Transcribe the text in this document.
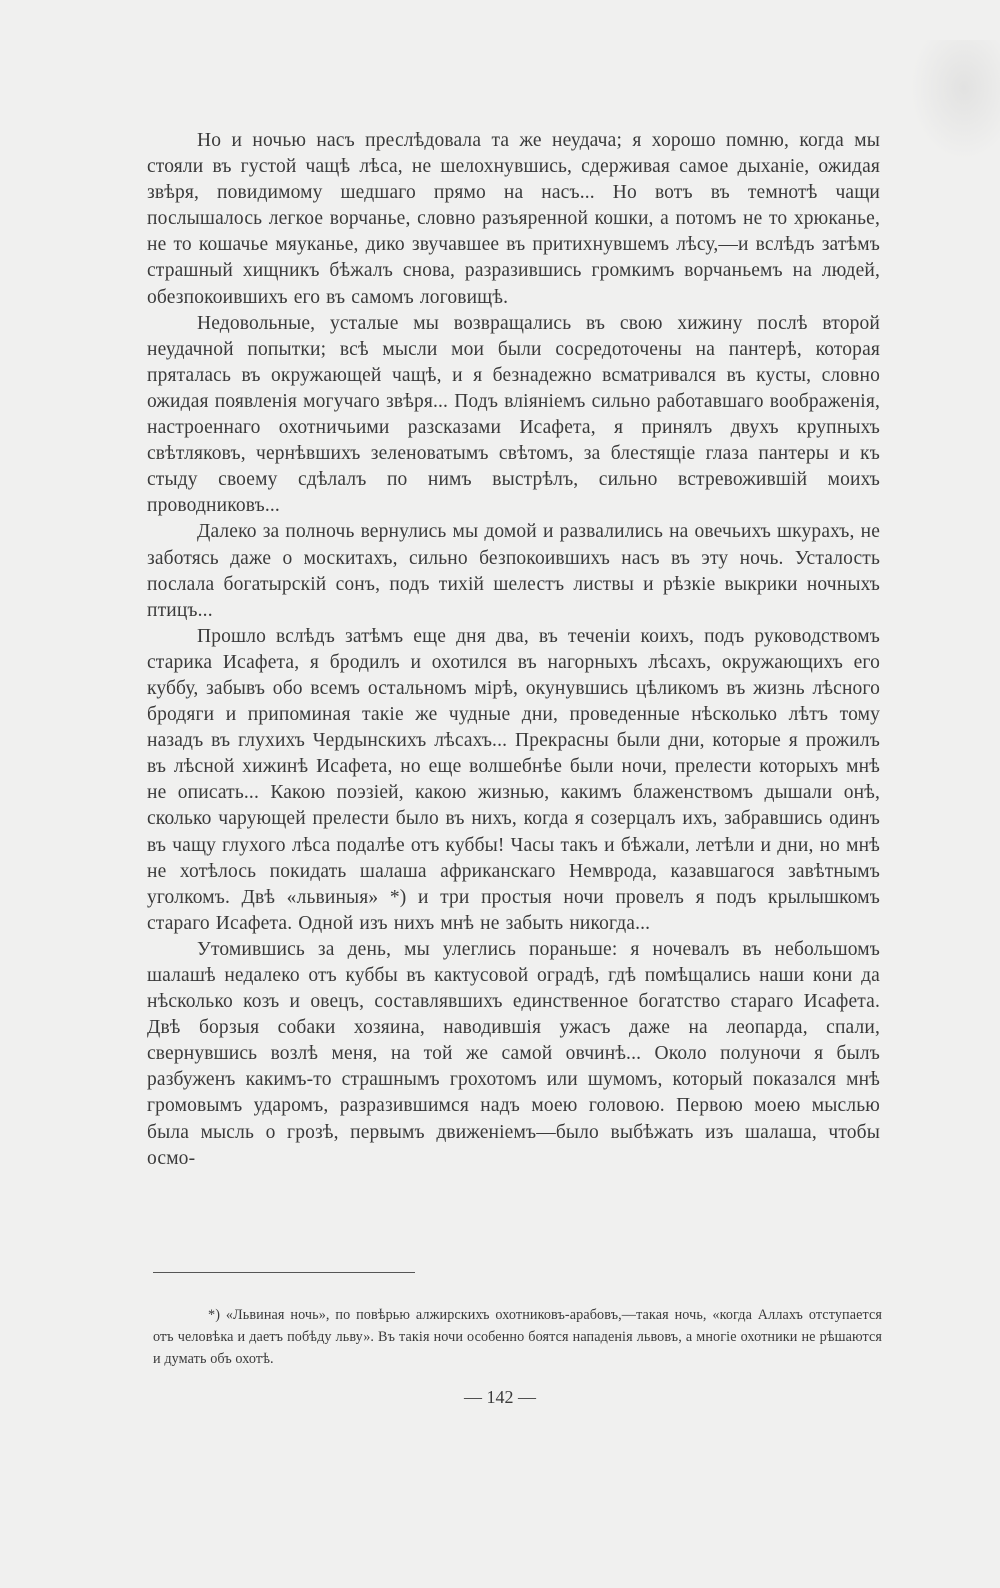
Но и ночью насъ преслѣдовала та же неудача; я хорошо помню, когда мы стояли въ густой чащѣ лѣса, не шелохнувшись, сдерживая самое дыханіе, ожидая звѣря, повидимому шедшаго прямо на насъ... Но вотъ въ темнотѣ чащи послышалось легкое ворчанье, словно разъяренной кошки, а потомъ не то хрюканье, не то кошачье мяуканье, дико звучавшее въ притихнувшемъ лѣсу,—и вслѣдъ затѣмъ страшный хищникъ бѣжалъ снова, разразившись громкимъ ворчаньемъ на людей, обезпокоившихъ его въ самомъ логовищѣ.

Недовольные, усталые мы возвращались въ свою хижину послѣ второй неудачной попытки; всѣ мысли мои были сосредоточены на пантерѣ, которая пряталась въ окружающей чащѣ, и я безнадежно всматривался въ кусты, словно ожидая появленія могучаго звѣря... Подъ вліяніемъ сильно работавшаго воображенія, настроеннаго охотничьими разсказами Исафета, я принялъ двухъ крупныхъ свѣтляковъ, чернѣвшихъ зеленоватымъ свѣтомъ, за блестящіе глаза пантеры и къ стыду своему сдѣлалъ по нимъ выстрѣлъ, сильно встревожившій моихъ проводниковъ...

Далеко за полночь вернулись мы домой и развалились на овечьихъ шкурахъ, не заботясь даже о москитахъ, сильно безпокоившихъ насъ въ эту ночь. Усталость послала богатырскій сонъ, подъ тихій шелестъ листвы и рѣзкіе выкрики ночныхъ птицъ...

Прошло вслѣдъ затѣмъ еще дня два, въ теченіи коихъ, подъ руководствомъ старика Исафета, я бродилъ и охотился въ нагорныхъ лѣсахъ, окружающихъ его куббу, забывъ обо всемъ остальномъ мірѣ, окунувшись цѣликомъ въ жизнь лѣсного бродяги и припоминая такіе же чудные дни, проведенные нѣсколько лѣтъ тому назадъ въ глухихъ Чердынскихъ лѣсахъ... Прекрасны были дни, которые я прожилъ въ лѣсной хижинѣ Исафета, но еще волшебнѣе были ночи, прелести которыхъ мнѣ не описать... Какою поэзіей, какою жизнью, какимъ блаженствомъ дышали онѣ, сколько чарующей прелести было въ нихъ, когда я созерцалъ ихъ, забравшись одинъ въ чащу глухого лѣса подалѣе отъ куббы! Часы такъ и бѣжали, летѣли и дни, но мнѣ не хотѣлось покидать шалаша африканскаго Немврода, казавшагося завѣтнымъ уголкомъ. Двѣ «львиныя» *) и три простыя ночи провелъ я подъ крылышкомъ стараго Исафета. Одной изъ нихъ мнѣ не забыть никогда...

Утомившись за день, мы улеглись пораньше: я ночевалъ въ небольшомъ шалашѣ недалеко отъ куббы въ кактусовой оградѣ, гдѣ помѣщались наши кони да нѣсколько козъ и овецъ, составлявшихъ единственное богатство стараго Исафета. Двѣ борзыя собаки хозяина, наводившія ужасъ даже на леопарда, спали, свернувшись возлѣ меня, на той же самой овчинѣ... Около полуночи я былъ разбуженъ какимъ-то страшнымъ грохотомъ или шумомъ, который показался мнѣ громовымъ ударомъ, разразившимся надъ моею головою. Первою моею мыслью была мысль о грозѣ, первымъ движеніемъ—было выбѣжать изъ шалаша, чтобы осмо-

*) «Львиная ночь», по повѣрью алжирскихъ охотниковъ-арабовъ,—такая ночь, «когда Аллахъ отступается отъ человѣка и даетъ побѣду льву». Въ такія ночи особенно боятся нападенія львовъ, а многіе охотники не рѣшаются и думать объ охотѣ.

— 142 —
